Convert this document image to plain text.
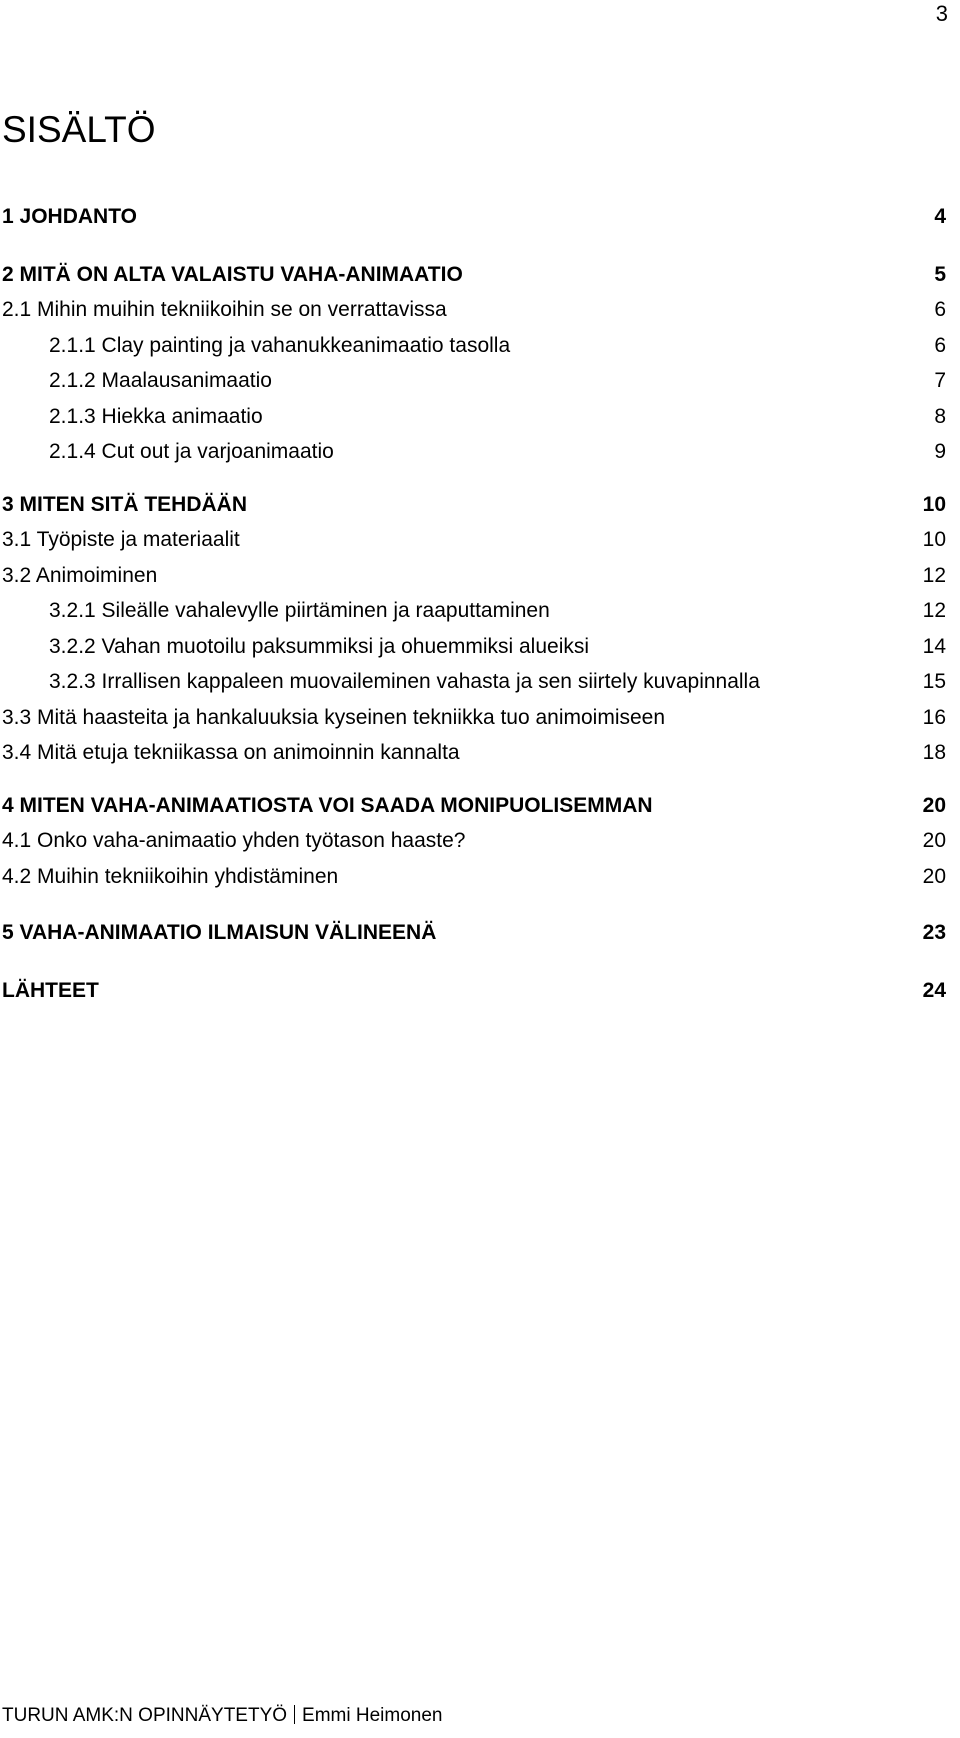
3
SISÄLTÖ
1 JOHDANTO	4
2 MITÄ ON ALTA VALAISTU VAHA-ANIMAATIO	5
2.1 Mihin muihin tekniikoihin se on verrattavissa	6
2.1.1 Clay painting ja vahanukkeanimaatio tasolla	6
2.1.2 Maalausanimaatio	7
2.1.3 Hiekka animaatio	8
2.1.4 Cut out ja varjoanimaatio	9
3 MITEN SITÄ TEHDÄÄN	10
3.1 Työpiste ja materiaalit	10
3.2 Animoiminen	12
3.2.1 Sileälle vahalevylle piirtäminen ja raaputtaminen	12
3.2.2 Vahan muotoilu paksummiksi ja ohuemmiksi alueiksi	14
3.2.3 Irrallisen kappaleen muovaileminen vahasta ja sen siirtely kuvapinnalla	15
3.3 Mitä haasteita ja hankaluuksia kyseinen tekniikka tuo animoimiseen	16
3.4 Mitä etuja tekniikassa on animoinnin kannalta	18
4 MITEN VAHA-ANIMAATIOSTA VOI SAADA MONIPUOLISEMMAN	20
4.1 Onko vaha-animaatio yhden työtason haaste?	20
4.2 Muihin tekniikoihin yhdistäminen	20
5 VAHA-ANIMAATIO ILMAISUN VÄLINEENÄ	23
LÄHTEET	24
TURUN AMK:N OPINNÄYTETYÖ Emmi Heimonen
